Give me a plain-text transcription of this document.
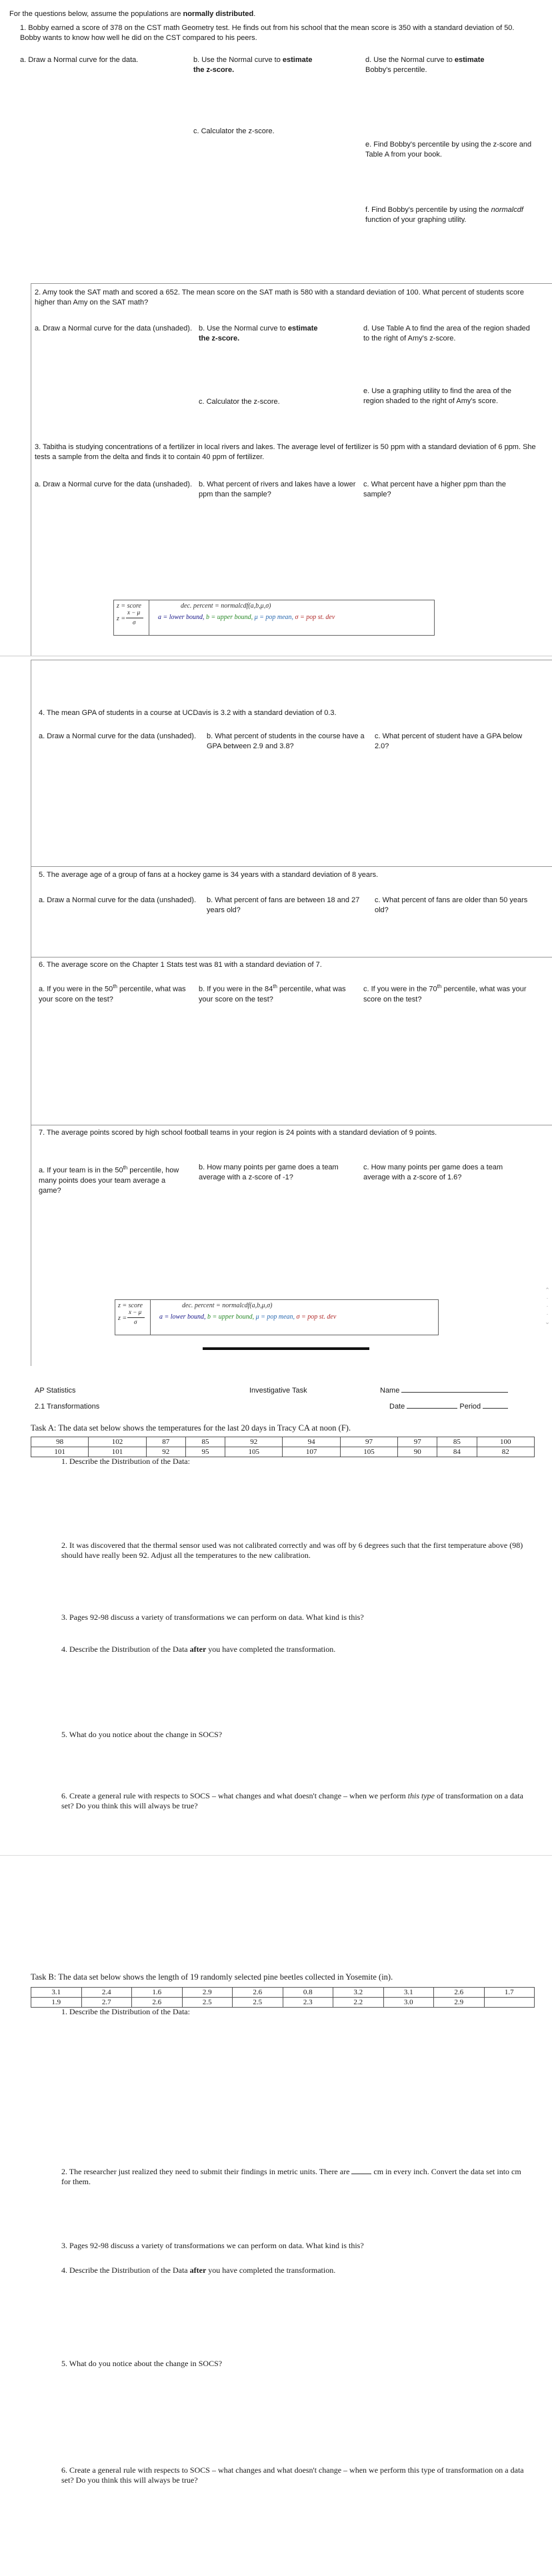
For the questions below, assume the populations are normally distributed.
1. Bobby earned a score of 378 on the CST math Geometry test. He finds out from his school that the mean score is 350 with a standard deviation of 50. Bobby wants to know how well he did on the CST compared to his peers.
a. Draw a Normal curve for the data.	b. Use the Normal curve to estimate
the z-score.
d. Use the Normal curve to estimate
Bobby's percentile.
c. Calculator the z-score.
e. Find Bobby's percentile by using the z-score and Table A from your book.
f. Find Bobby's percentile by using the normalcdf function of your graphing utility.
2. Amy took the SAT math and scored a 652. The mean score on the SAT math is 580 with a standard deviation of 100. What percent of students score higher than Amy on the SAT math?
a. Draw a Normal curve for the data (unshaded). b. Use the Normal curve to estimate
the z-score.
d. Use Table A to find the area of the region shaded to the right of Amy's z-score.
c. Calculator the z-score.
e. Use a graphing utility to find the area of the region shaded to the right of Amy's score.
3. Tabitha is studying concentrations of a fertilizer in local rivers and lakes. The average level of fertilizer is 50 ppm with a standard deviation of 6 ppm. She tests a sample from the delta and finds it to contain 40 ppm of fertilizer.
a. Draw a Normal curve for the data (unshaded). b. What percent of rivers and lakes have a lower ppm than the sample?
c. What percent have a higher ppm than the sample?
z = score
z =
x − μ
σ
dec. percent = normalcdf(a,b,μ,σ)
a = lower bound, b = upper bound, μ = pop mean, σ = pop st. dev
4. The mean GPA of students in a course at UCDavis is 3.2 with a standard deviation of 0.3.
a. Draw a Normal curve for the data (unshaded).	b. What percent of students in the course have a GPA between 2.9 and 3.8?
c. What percent of student have a GPA below 2.0?
5. The average age of a group of fans at a hockey game is 34 years with a standard deviation of 8 years.
a. Draw a Normal curve for the data (unshaded).	b. What percent of fans are between 18 and 27 years old?
c. What percent of fans are older than 50 years old?
6. The average score on the Chapter 1 Stats test was 81 with a standard deviation of 7.
a. If you were in the 50th percentile, what was your score on the test?
b. If you were in the 84th percentile, what was your score on the test?
c. If you were in the 70th percentile, what was your score on the test?
7. The average points scored by high school football teams in your region is 24 points with a standard deviation of 9 points.
a. If your team is in the 50th percentile, how many points does your team average a game?
b. How many points per game does a team average with a z-score of -1?
c. How many points per game does a team average with a z-score of 1.6?
z = score
z =
x − μ
σ
dec. percent = normalcdf(a,b,μ,σ)
a = lower bound, b = upper bound, μ = pop mean, σ = pop st. dev
⌃
·
·
·
⌄
AP Statistics
2.1 Transformations
Investigative Task	Name
Date	Period
Task A: The data set below shows the temperatures for the last 20 days in Tracy CA at noon (F).
98	102	87	85	92	94	97	97	85	100
101	101	92	95	105	107	105	90	84	82
1. Describe the Distribution of the Data:
2. It was discovered that the thermal sensor used was not calibrated correctly and was off by 6 degrees such that the first temperature above (98) should have really been 92. Adjust all the temperatures to the new calibration.
3. Pages 92-98 discuss a variety of transformations we can perform on data. What kind is this?
4. Describe the Distribution of the Data after you have completed the transformation.
5. What do you notice about the change in SOCS?
6. Create a general rule with respects to SOCS – what changes and what doesn't change – when we perform this type of transformation on a data set? Do you think this will always be true?
Task B: The data set below shows the length of 19 randomly selected pine beetles collected in Yosemite (in).
3.1	2.4	1.6	2.9	2.6	0.8	3.2	3.1	2.6	1.7
1.9	2.7	2.6	2.5	2.5	2.3	2.2	3.0	2.9	
1. Describe the Distribution of the Data:
2. The researcher just realized they need to submit their findings in metric units. There are	cm in every inch. Convert the data set into cm for them.
3. Pages 92-98 discuss a variety of transformations we can perform on data. What kind is this?
4. Describe the Distribution of the Data after you have completed the transformation.
5. What do you notice about the change in SOCS?
6. Create a general rule with respects to SOCS – what changes and what doesn't change – when we perform this type of transformation on a data set? Do you think this will always be true?
